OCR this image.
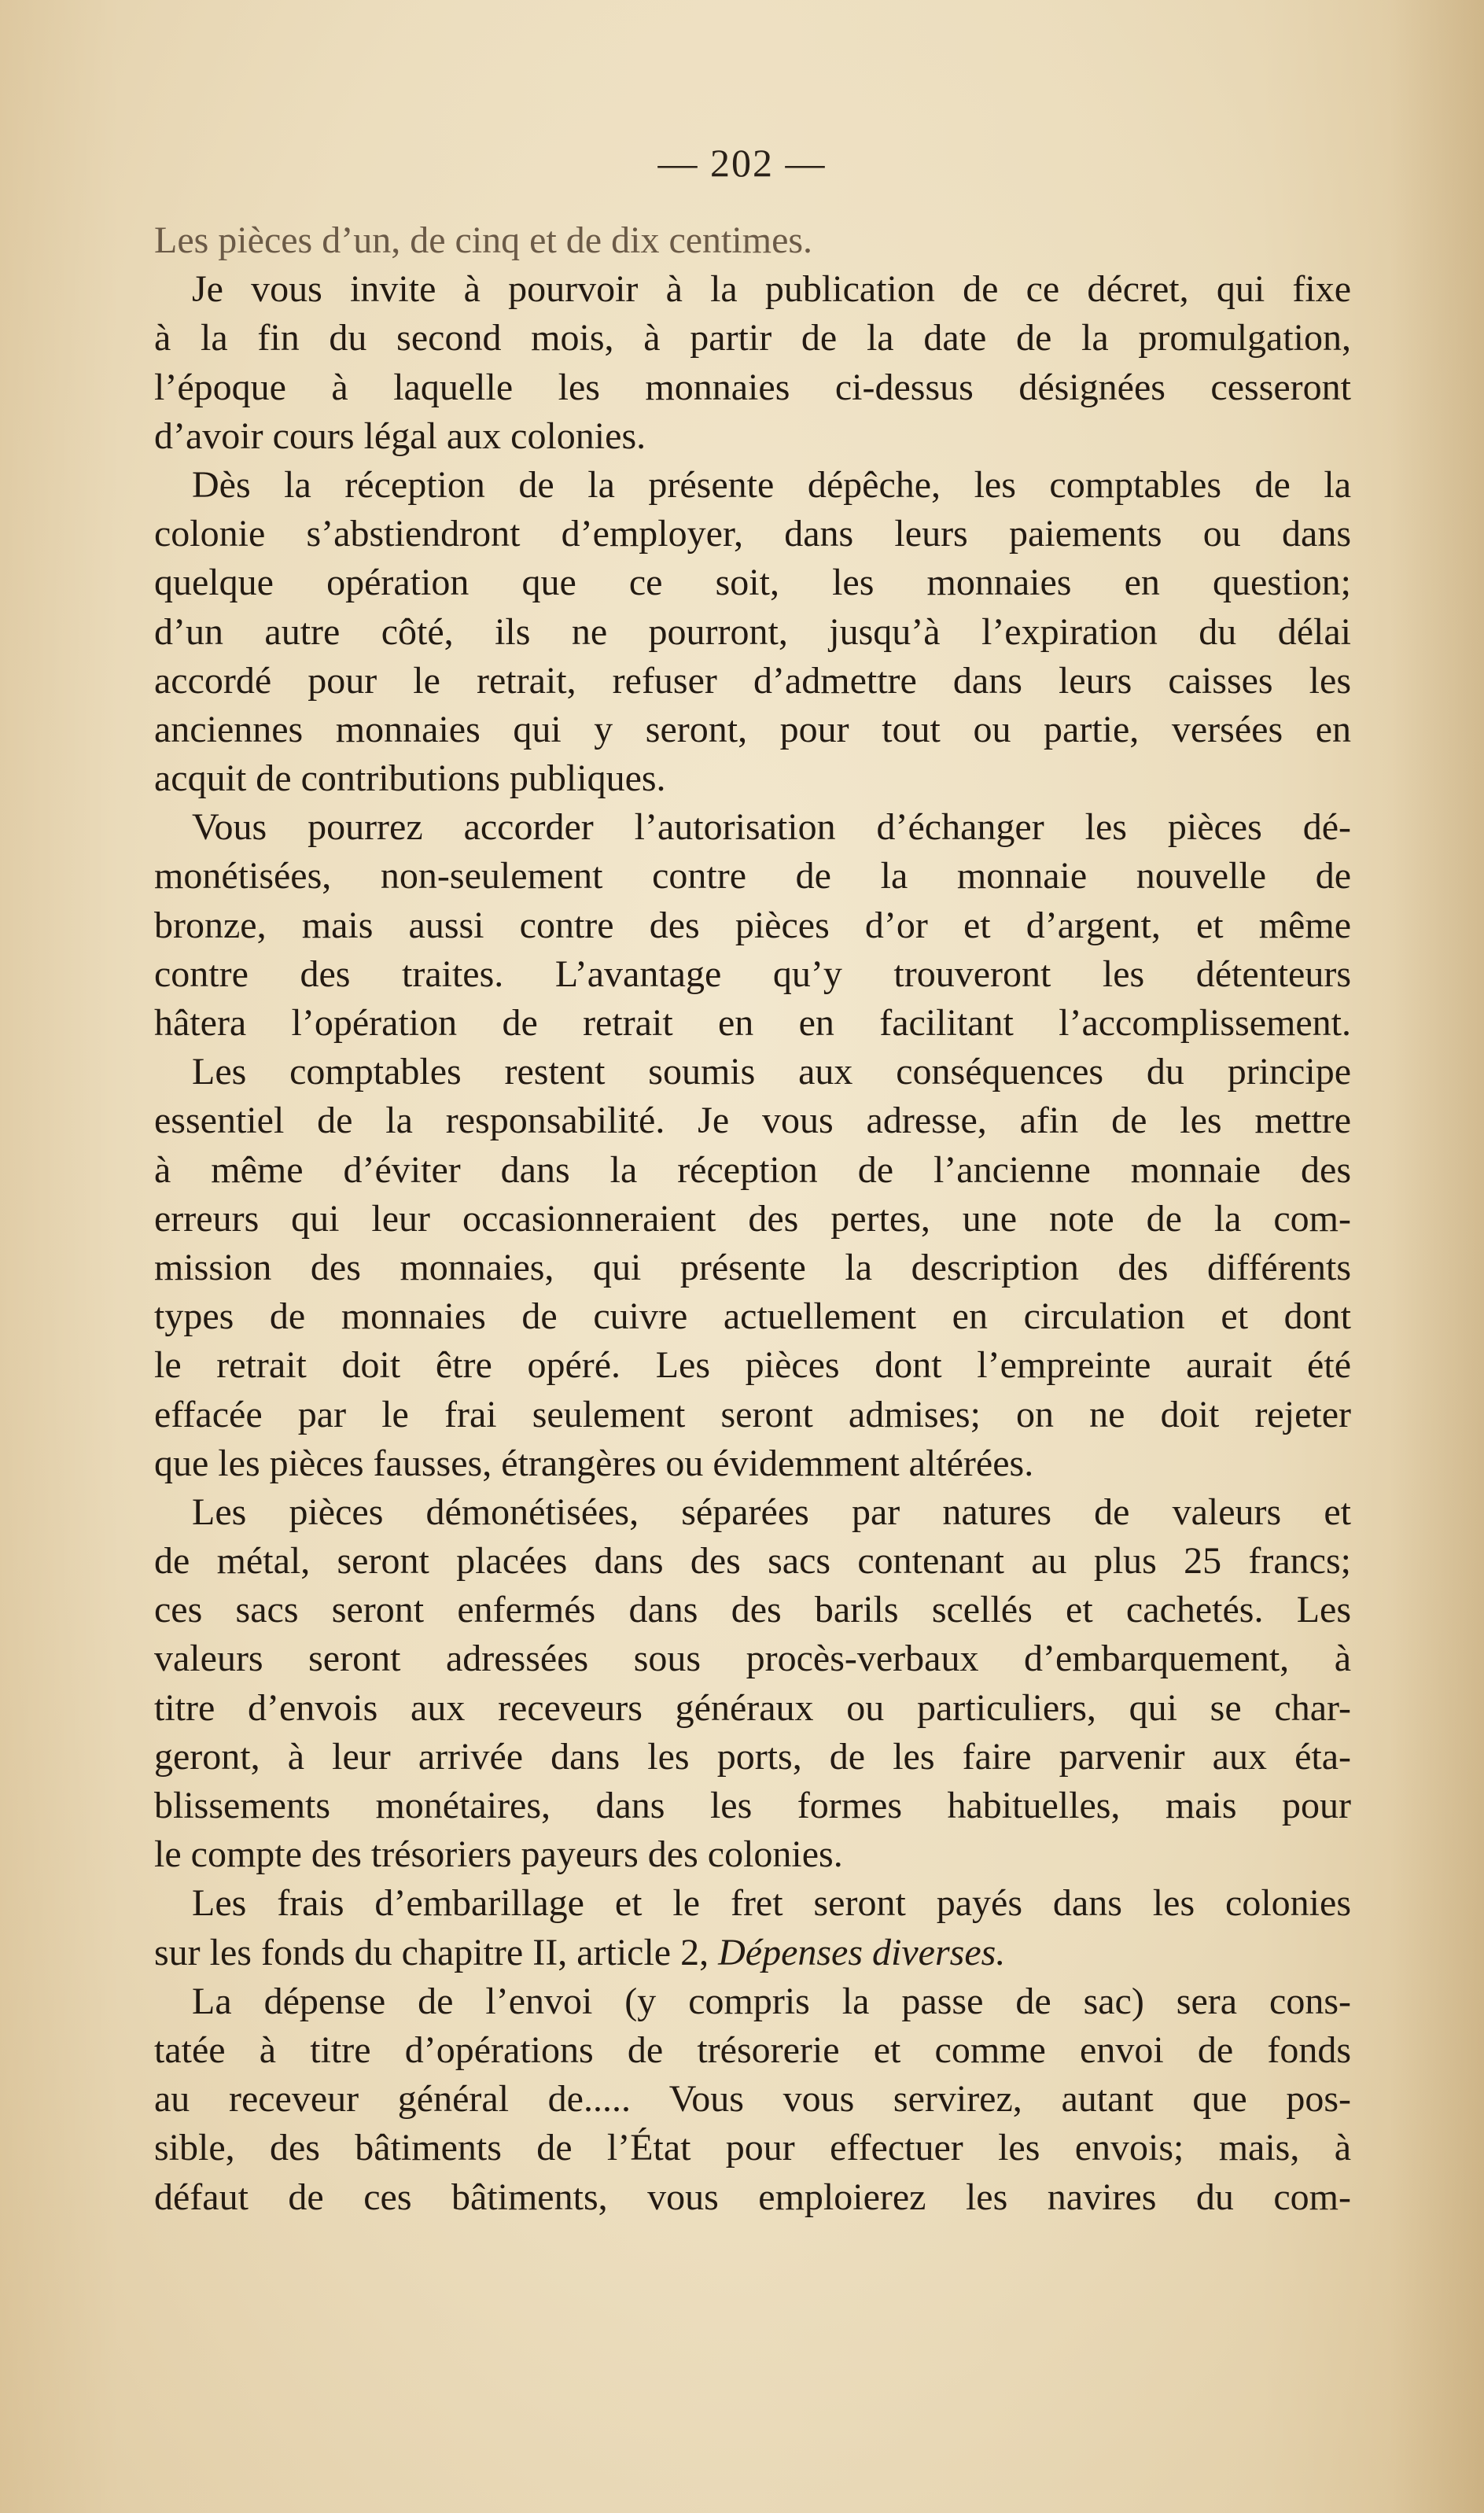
— 202 —
Les pièces d’un, de cinq et de dix centimes.
Je vous invite à pourvoir à la publication de ce décret, qui fixe
à la fin du second mois, à partir de la date de la promulgation,
l’époque à laquelle les monnaies ci-dessus désignées cesseront
d’avoir cours légal aux colonies.
Dès la réception de la présente dépêche, les comptables de la
colonie s’abstiendront d’employer, dans leurs paiements ou dans
quelque opération que ce soit, les monnaies en question;
d’un autre côté, ils ne pourront, jusqu’à l’expiration du délai
accordé pour le retrait, refuser d’admettre dans leurs caisses les
anciennes monnaies qui y seront, pour tout ou partie, versées en
acquit de contributions publiques.
Vous pourrez accorder l’autorisation d’échanger les pièces dé-
monétisées, non-seulement contre de la monnaie nouvelle de
bronze, mais aussi contre des pièces d’or et d’argent, et même
contre des traites. L’avantage qu’y trouveront les détenteurs
hâtera l’opération de retrait en en facilitant l’accomplissement.
Les comptables restent soumis aux conséquences du principe
essentiel de la responsabilité. Je vous adresse, afin de les mettre
à même d’éviter dans la réception de l’ancienne monnaie des
erreurs qui leur occasionneraient des pertes, une note de la com-
mission des monnaies, qui présente la description des différents
types de monnaies de cuivre actuellement en circulation et dont
le retrait doit être opéré. Les pièces dont l’empreinte aurait été
effacée par le frai seulement seront admises; on ne doit rejeter
que les pièces fausses, étrangères ou évidemment altérées.
Les pièces démonétisées, séparées par natures de valeurs et
de métal, seront placées dans des sacs contenant au plus 25 francs;
ces sacs seront enfermés dans des barils scellés et cachetés. Les
valeurs seront adressées sous procès-verbaux d’embarquement, à
titre d’envois aux receveurs généraux ou particuliers, qui se char-
geront, à leur arrivée dans les ports, de les faire parvenir aux éta-
blissements monétaires, dans les formes habituelles, mais pour
le compte des trésoriers payeurs des colonies.
Les frais d’embarillage et le fret seront payés dans les colonies
sur les fonds du chapitre II, article 2, Dépenses diverses.
La dépense de l’envoi (y compris la passe de sac) sera cons-
tatée à titre d’opérations de trésorerie et comme envoi de fonds
au receveur général de..... Vous vous servirez, autant que pos-
sible, des bâtiments de l’État pour effectuer les envois; mais, à
défaut de ces bâtiments, vous emploierez les navires du com-
